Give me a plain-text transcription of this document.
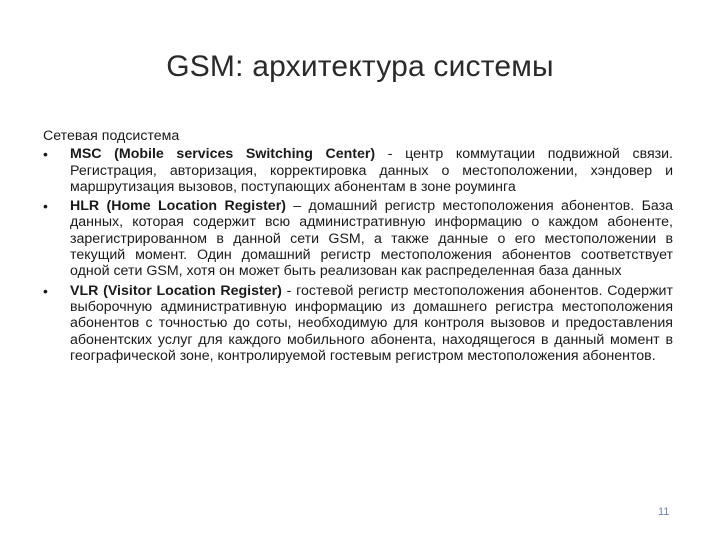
GSM: архитектура системы
Сетевая подсистема
• MSC (Mobile services Switching Center) - центр коммутации подвижной связи. Регистрация, авторизация, корректировка данных о местоположении, хэндовер и маршрутизация вызовов, поступающих абонентам в зоне роуминга
• HLR (Home Location Register) – домашний регистр местоположения абонентов. База данных, которая содержит всю административную информацию о каждом абоненте, зарегистрированном в данной сети GSM, а также данные о его местоположении в текущий момент. Один домашний регистр местоположения абонентов соответствует одной сети GSM, хотя он может быть реализован как распределенная база данных
• VLR (Visitor Location Register) - гостевой регистр местоположения абонентов. Содержит выборочную административную информацию из домашнего регистра местоположения абонентов с точностью до соты, необходимую для контроля вызовов и предоставления абонентских услуг для каждого мобильного абонента, находящегося в данный момент в географической зоне, контролируемой гостевым регистром местоположения абонентов.
11
